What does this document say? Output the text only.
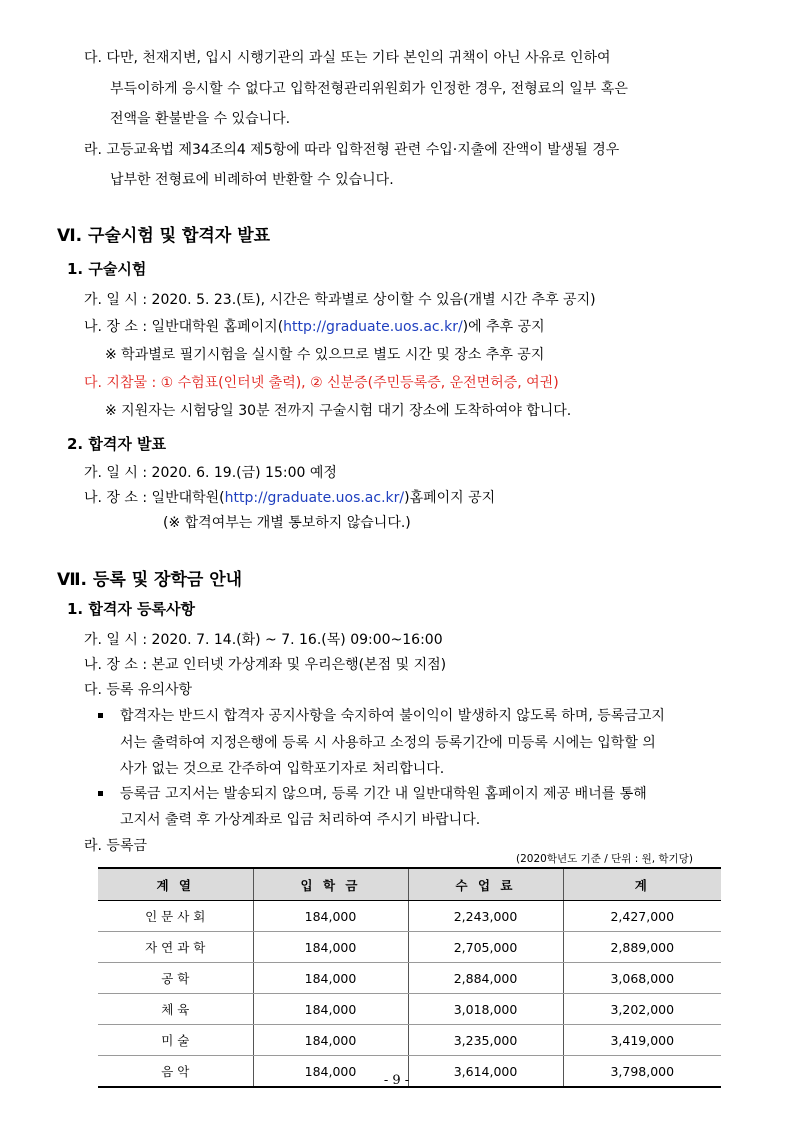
다. 다만, 천재지변, 입시 시행기관의 과실 또는 기타 본인의 귀책이 아닌 사유로 인하여
부득이하게 응시할 수 없다고 입학전형관리위원회가 인정한 경우, 전형료의 일부 혹은
전액을 환불받을 수 있습니다.
라. 고등교육법 제34조의4 제5항에 따라 입학전형 관련 수입·지출에 잔액이 발생될 경우
납부한 전형료에 비례하여 반환할 수 있습니다.
Ⅵ. 구술시험 및 합격자 발표
1. 구술시험
가. 일 시 : 2020. 5. 23.(토), 시간은 학과별로 상이할 수 있음(개별 시간 추후 공지)
나. 장 소 : 일반대학원 홈페이지(http://graduate.uos.ac.kr/)에 추후 공지
※ 학과별로 필기시험을 실시할 수 있으므로 별도 시간 및 장소 추후 공지
다. 지참물 : ① 수험표(인터넷 출력), ② 신분증(주민등록증, 운전면허증, 여권)
※ 지원자는 시험당일 30분 전까지 구술시험 대기 장소에 도착하여야 합니다.
2. 합격자 발표
가. 일 시 : 2020. 6. 19.(금) 15:00 예정
나. 장 소 : 일반대학원(http://graduate.uos.ac.kr/)홈페이지 공지
(※ 합격여부는 개별 통보하지 않습니다.)
Ⅶ. 등록 및 장학금 안내
1. 합격자 등록사항
가. 일 시 : 2020. 7. 14.(화) ~ 7. 16.(목) 09:00~16:00
나. 장 소 : 본교 인터넷 가상계좌 및 우리은행(본점 및 지점)
다. 등록 유의사항
합격자는 반드시 합격자 공지사항을 숙지하여 불이익이 발생하지 않도록 하며, 등록금고지
서는 출력하여 지정은행에 등록 시 사용하고 소정의 등록기간에 미등록 시에는 입학할 의
사가 없는 것으로 간주하여 입학포기자로 처리합니다.
등록금 고지서는 발송되지 않으며, 등록 기간 내 일반대학원 홈페이지 제공 배너를 통해
고지서 출력 후 가상계좌로 입금 처리하여 주시기 바랍니다.
라. 등록금
(2020학년도 기준 / 단위 : 원, 학기당)
계 열	입 학 금	수 업 료	계
인 문 사 회	184,000	2,243,000	2,427,000
자 연 과 학	184,000	2,705,000	2,889,000
공 학	184,000	2,884,000	3,068,000
체 육	184,000	3,018,000	3,202,000
미 술	184,000	3,235,000	3,419,000
음 악	184,000	3,614,000	3,798,000
- 9 -
